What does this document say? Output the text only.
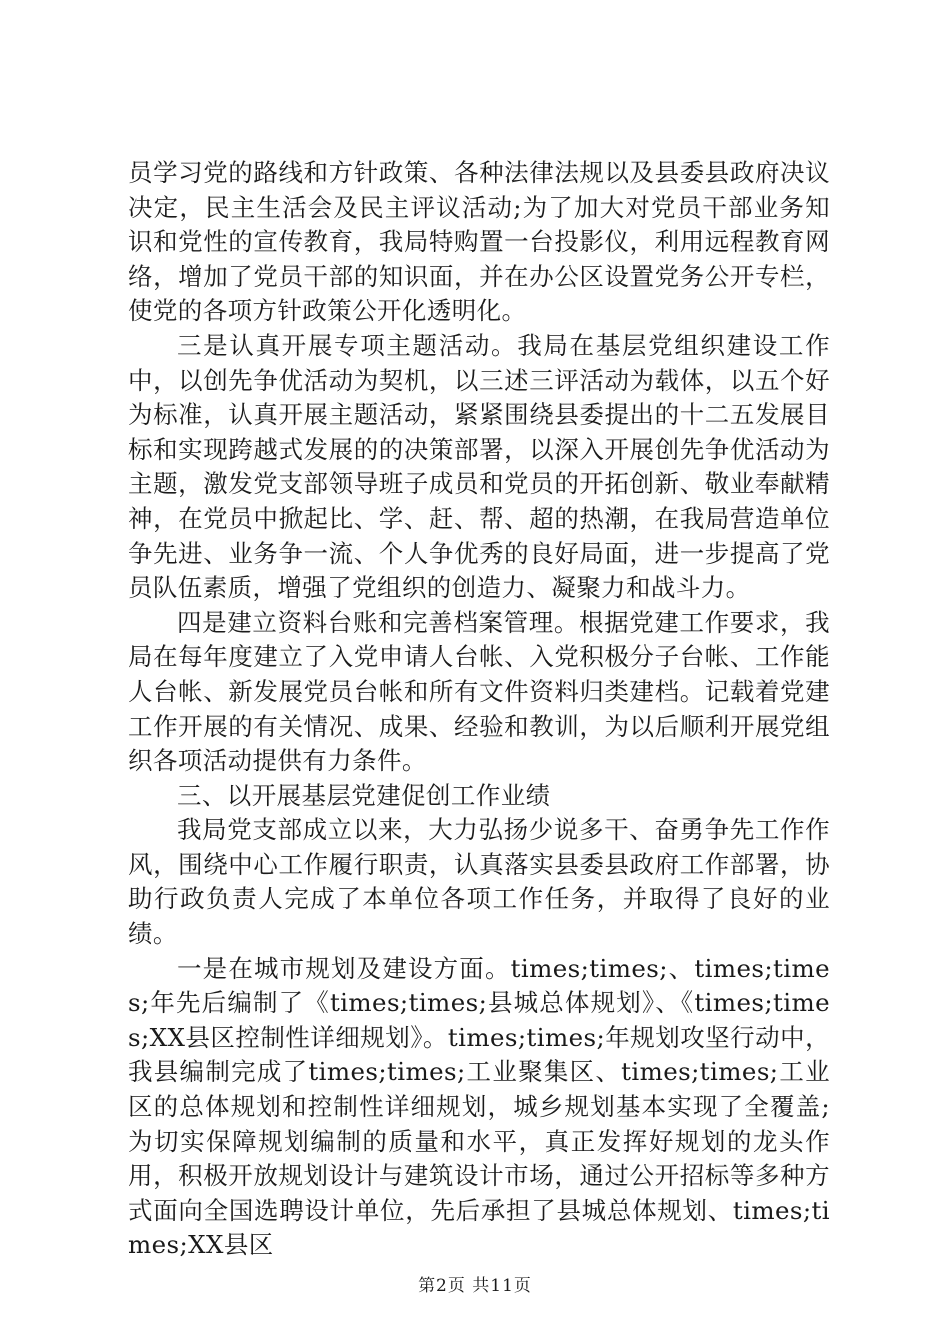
员学习党的路线和方针政策、各种法律法规以及县委县政府决议决定，民主生活会及民主评议活动;为了加大对党员干部业务知识和党性的宣传教育，我局特购置一台投影仪，利用远程教育网络，增加了党员干部的知识面，并在办公区设置党务公开专栏，使党的各项方针政策公开化透明化。

三是认真开展专项主题活动。我局在基层党组织建设工作中，以创先争优活动为契机，以三述三评活动为载体，以五个好为标准，认真开展主题活动，紧紧围绕县委提出的十二五发展目标和实现跨越式发展的的决策部署，以深入开展创先争优活动为主题，激发党支部领导班子成员和党员的开拓创新、敬业奉献精神，在党员中掀起比、学、赶、帮、超的热潮，在我局营造单位争先进、业务争一流、个人争优秀的良好局面，进一步提高了党员队伍素质，增强了党组织的创造力、凝聚力和战斗力。

四是建立资料台账和完善档案管理。根据党建工作要求，我局在每年度建立了入党申请人台帐、入党积极分子台帐、工作能人台帐、新发展党员台帐和所有文件资料归类建档。记载着党建工作开展的有关情况、成果、经验和教训，为以后顺利开展党组织各项活动提供有力条件。

三、以开展基层党建促创工作业绩

我局党支部成立以来，大力弘扬少说多干、奋勇争先工作作风，围绕中心工作履行职责，认真落实县委县政府工作部署，协助行政负责人完成了本单位各项工作任务，并取得了良好的业绩。

一是在城市规划及建设方面。times;times;、times;times;年先后编制了《times;times;县城总体规划》、《times;times;XX县区控制性详细规划》。times;times;年规划攻坚行动中，我县编制完成了times;times;工业聚集区、times;times;工业区的总体规划和控制性详细规划，城乡规划基本实现了全覆盖;为切实保障规划编制的质量和水平，真正发挥好规划的龙头作用，积极开放规划设计与建筑设计市场，通过公开招标等多种方式面向全国选聘设计单位，先后承担了县城总体规划、times;times;XX县区

第2页 共11页
